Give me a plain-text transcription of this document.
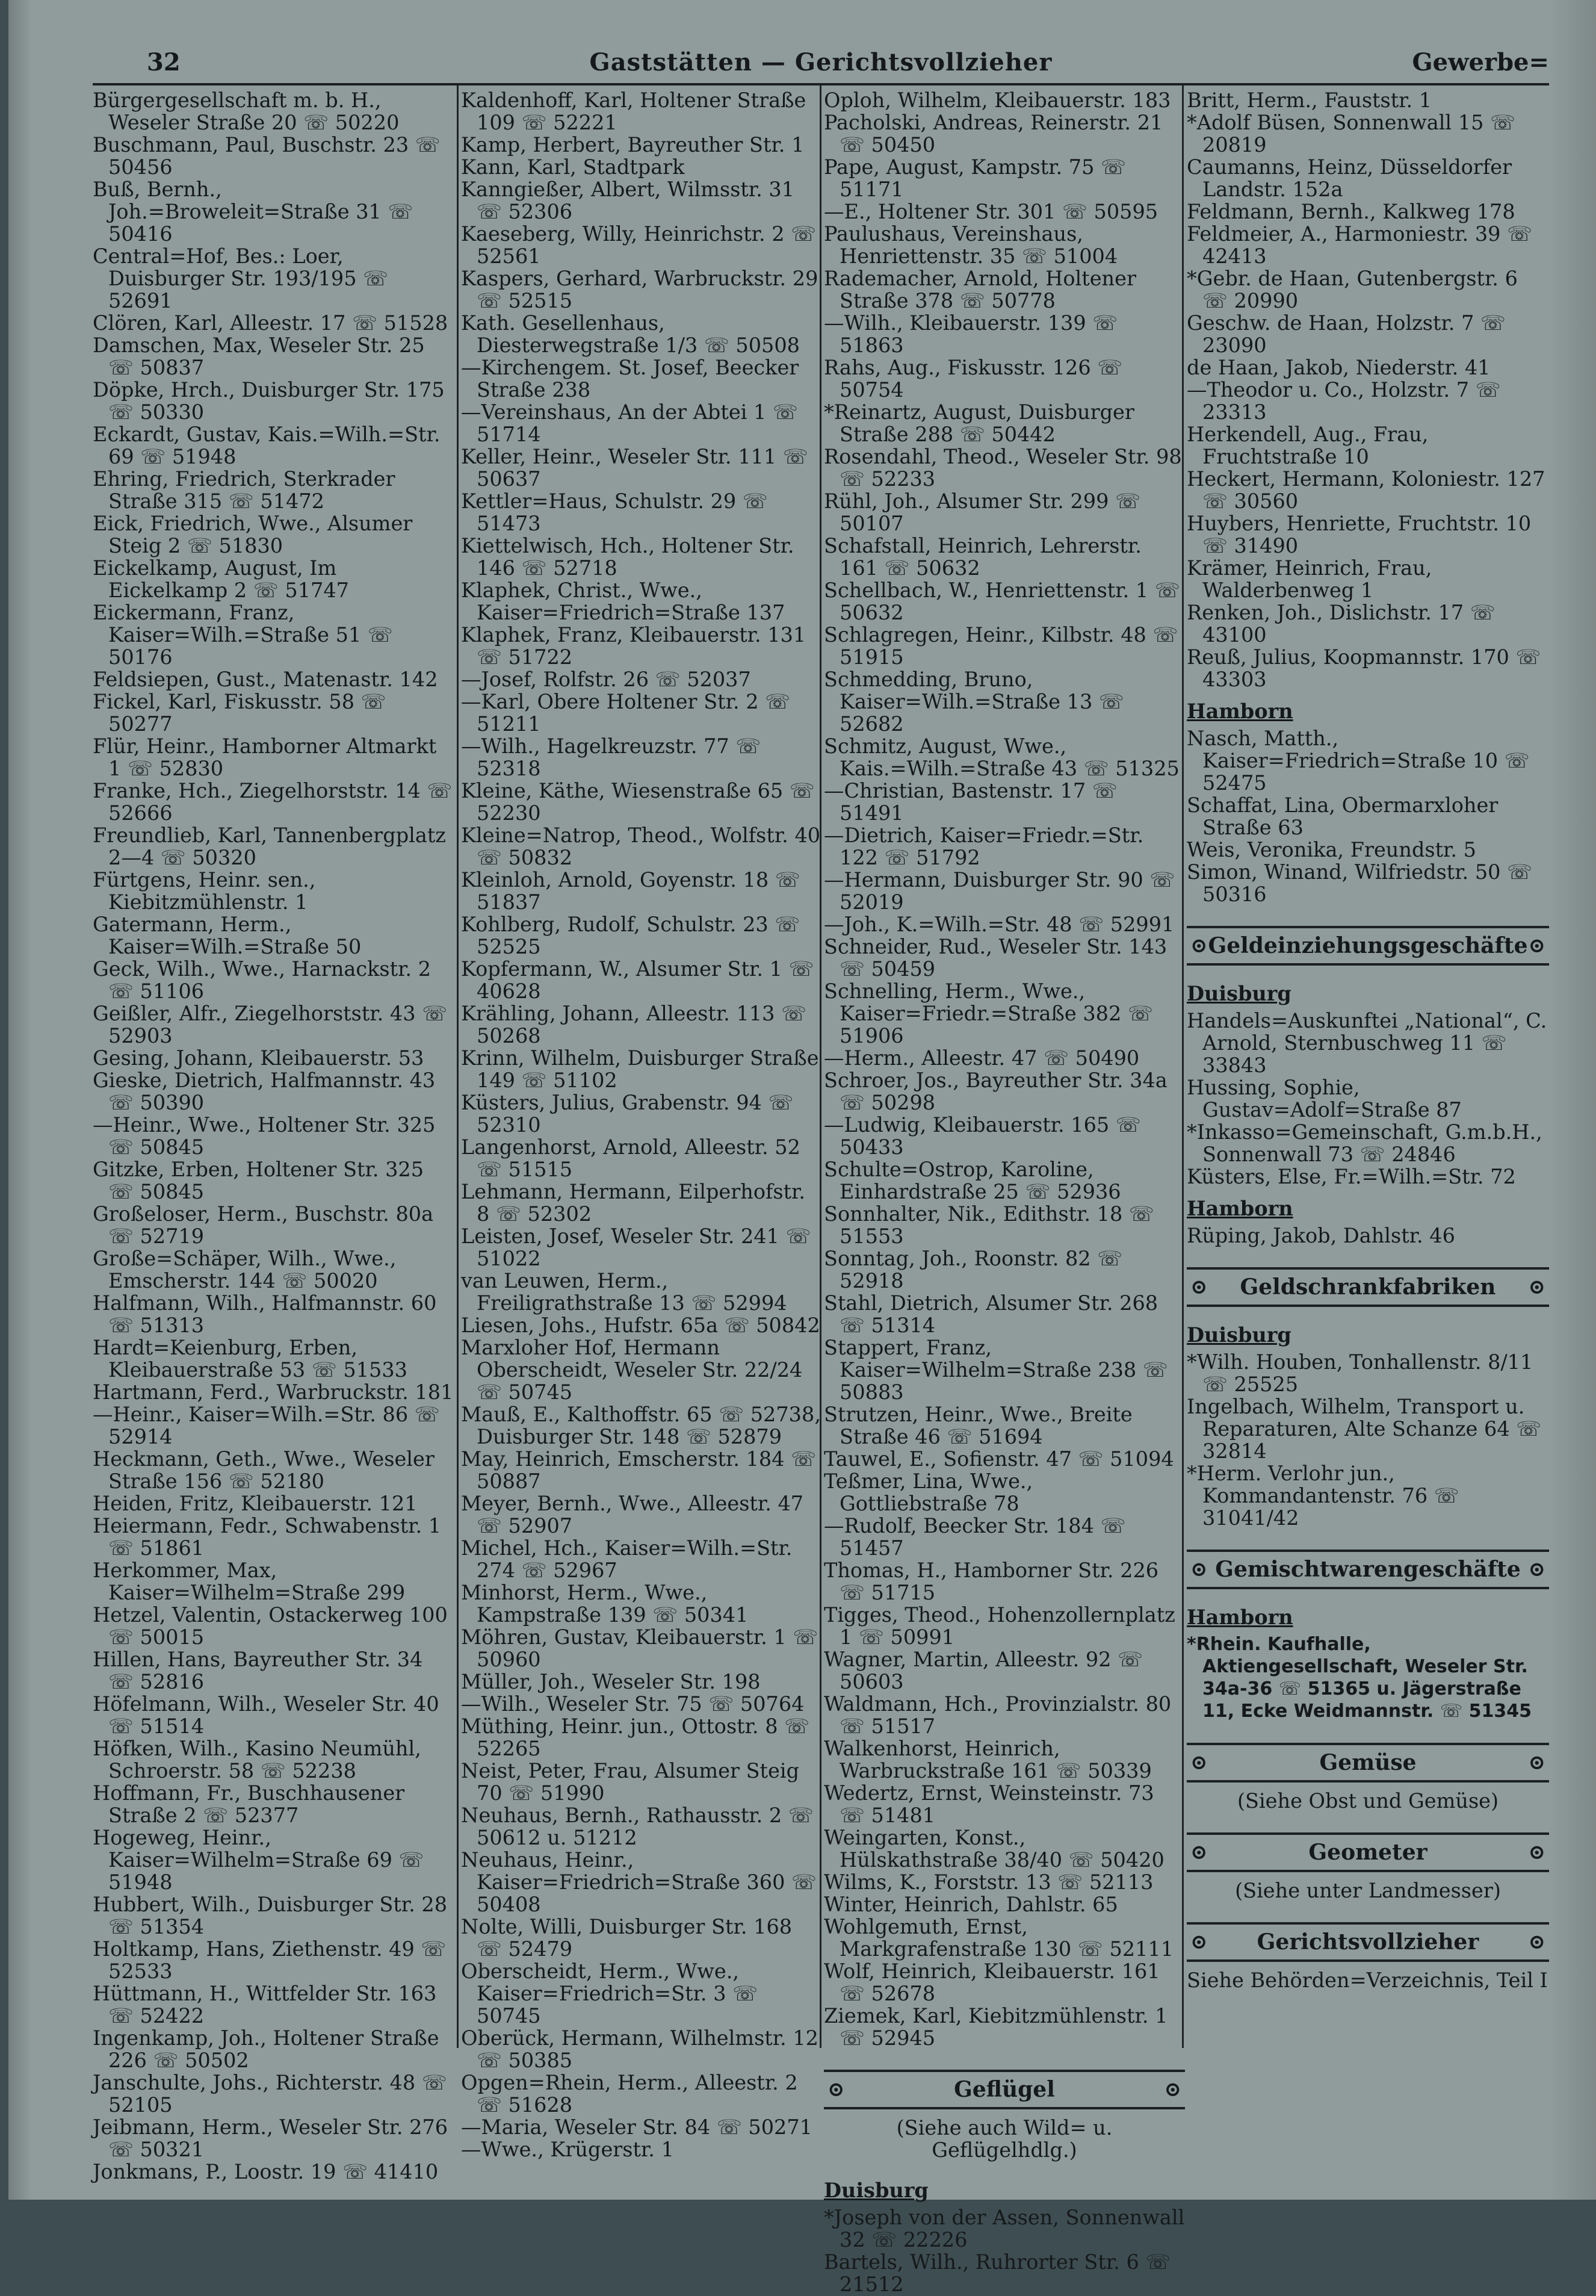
32	Gaststätten — Gerichtsvollzieher	Gewerbe=

Bürgergesellschaft m. b. H., Weseler Straße 20 ☏ 50220

Buschmann, Paul, Buschstr. 23 ☏ 50456

Buß, Bernh., Joh.=Broweleit=Straße 31 ☏ 50416

Central=Hof, Bes.: Loer, Duisburger Str. 193/195 ☏ 52691

Clören, Karl, Alleestr. 17 ☏ 51528

Damschen, Max, Weseler Str. 25 ☏ 50837

Döpke, Hrch., Duisburger Str. 175 ☏ 50330

Eckardt, Gustav, Kais.=Wilh.=Str. 69 ☏ 51948

Ehring, Friedrich, Sterkrader Straße 315 ☏ 51472

Eick, Friedrich, Wwe., Alsumer Steig 2 ☏ 51830

Eickelkamp, August, Im Eickelkamp 2 ☏ 51747

Eickermann, Franz, Kaiser=Wilh.=Straße 51 ☏ 50176

Feldsiepen, Gust., Matenastr. 142

Fickel, Karl, Fiskusstr. 58 ☏ 50277

Flür, Heinr., Hamborner Altmarkt 1 ☏ 52830

Franke, Hch., Ziegelhorststr. 14 ☏ 52666

Freundlieb, Karl, Tannenbergplatz 2—4 ☏ 50320

Fürtgens, Heinr. sen., Kiebitzmühlenstr. 1

Gatermann, Herm., Kaiser=Wilh.=Straße 50

Geck, Wilh., Wwe., Harnackstr. 2 ☏ 51106

Geißler, Alfr., Ziegelhorststr. 43 ☏ 52903

Gesing, Johann, Kleibauerstr. 53

Gieske, Dietrich, Halfmannstr. 43 ☏ 50390

—Heinr., Wwe., Holtener Str. 325 ☏ 50845

Gitzke, Erben, Holtener Str. 325 ☏ 50845

Großeloser, Herm., Buschstr. 80a ☏ 52719

Große=Schäper, Wilh., Wwe., Emscherstr. 144 ☏ 50020

Halfmann, Wilh., Halfmannstr. 60 ☏ 51313

Hardt=Keienburg, Erben, Kleibauerstraße 53 ☏ 51533

Hartmann, Ferd., Warbruckstr. 181

—Heinr., Kaiser=Wilh.=Str. 86 ☏ 52914

Heckmann, Geth., Wwe., Weseler Straße 156 ☏ 52180

Heiden, Fritz, Kleibauerstr. 121

Heiermann, Fedr., Schwabenstr. 1 ☏ 51861

Herkommer, Max, Kaiser=Wilhelm=Straße 299

Hetzel, Valentin, Ostackerweg 100 ☏ 50015

Hillen, Hans, Bayreuther Str. 34 ☏ 52816

Höfelmann, Wilh., Weseler Str. 40 ☏ 51514

Höfken, Wilh., Kasino Neumühl, Schroerstr. 58 ☏ 52238

Hoffmann, Fr., Buschhausener Straße 2 ☏ 52377

Hogeweg, Heinr., Kaiser=Wilhelm=Straße 69 ☏ 51948

Hubbert, Wilh., Duisburger Str. 28 ☏ 51354

Holtkamp, Hans, Ziethenstr. 49 ☏ 52533

Hüttmann, H., Wittfelder Str. 163 ☏ 52422

Ingenkamp, Joh., Holtener Straße 226 ☏ 50502

Janschulte, Johs., Richterstr. 48 ☏ 52105

Jeibmann, Herm., Weseler Str. 276 ☏ 50321

Jonkmans, P., Loostr. 19 ☏ 41410

Kaldenhoff, Karl, Holtener Straße 109 ☏ 52221

Kamp, Herbert, Bayreuther Str. 1

Kann, Karl, Stadtpark

Kanngießer, Albert, Wilmsstr. 31 ☏ 52306

Kaeseberg, Willy, Heinrichstr. 2 ☏ 52561

Kaspers, Gerhard, Warbruckstr. 29 ☏ 52515

Kath. Gesellenhaus, Diesterwegstraße 1/3 ☏ 50508

—Kirchengem. St. Josef, Beecker Straße 238

—Vereinshaus, An der Abtei 1 ☏ 51714

Keller, Heinr., Weseler Str. 111 ☏ 50637

Kettler=Haus, Schulstr. 29 ☏ 51473

Kiettelwisch, Hch., Holtener Str. 146 ☏ 52718

Klaphek, Christ., Wwe., Kaiser=Friedrich=Straße 137

Klaphek, Franz, Kleibauerstr. 131 ☏ 51722

—Josef, Rolfstr. 26 ☏ 52037

—Karl, Obere Holtener Str. 2 ☏ 51211

—Wilh., Hagelkreuzstr. 77 ☏ 52318

Kleine, Käthe, Wiesenstraße 65 ☏ 52230

Kleine=Natrop, Theod., Wolfstr. 40 ☏ 50832

Kleinloh, Arnold, Goyenstr. 18 ☏ 51837

Kohlberg, Rudolf, Schulstr. 23 ☏ 52525

Kopfermann, W., Alsumer Str. 1 ☏ 40628

Krähling, Johann, Alleestr. 113 ☏ 50268

Krinn, Wilhelm, Duisburger Straße 149 ☏ 51102

Küsters, Julius, Grabenstr. 94 ☏ 52310

Langenhorst, Arnold, Alleestr. 52 ☏ 51515

Lehmann, Hermann, Eilperhofstr. 8 ☏ 52302

Leisten, Josef, Weseler Str. 241 ☏ 51022

van Leuwen, Herm., Freiligrathstraße 13 ☏ 52994

Liesen, Johs., Hufstr. 65a ☏ 50842

Marxloher Hof, Hermann Oberscheidt, Weseler Str. 22/24 ☏ 50745

Mauß, E., Kalthoffstr. 65 ☏ 52738, Duisburger Str. 148 ☏ 52879

May, Heinrich, Emscherstr. 184 ☏ 50887

Meyer, Bernh., Wwe., Alleestr. 47 ☏ 52907

Michel, Hch., Kaiser=Wilh.=Str. 274 ☏ 52967

Minhorst, Herm., Wwe., Kampstraße 139 ☏ 50341

Möhren, Gustav, Kleibauerstr. 1 ☏ 50960

Müller, Joh., Weseler Str. 198

—Wilh., Weseler Str. 75 ☏ 50764

Müthing, Heinr. jun., Ottostr. 8 ☏ 52265

Neist, Peter, Frau, Alsumer Steig 70 ☏ 51990

Neuhaus, Bernh., Rathausstr. 2 ☏ 50612 u. 51212

Neuhaus, Heinr., Kaiser=Friedrich=Straße 360 ☏ 50408

Nolte, Willi, Duisburger Str. 168 ☏ 52479

Oberscheidt, Herm., Wwe., Kaiser=Friedrich=Str. 3 ☏ 50745

Oberück, Hermann, Wilhelmstr. 12 ☏ 50385

Opgen=Rhein, Herm., Alleestr. 2 ☏ 51628

—Maria, Weseler Str. 84 ☏ 50271

—Wwe., Krügerstr. 1

Oploh, Wilhelm, Kleibauerstr. 183

Pacholski, Andreas, Reinerstr. 21 ☏ 50450

Pape, August, Kampstr. 75 ☏ 51171

—E., Holtener Str. 301 ☏ 50595

Paulushaus, Vereinshaus, Henriettenstr. 35 ☏ 51004

Rademacher, Arnold, Holtener Straße 378 ☏ 50778

—Wilh., Kleibauerstr. 139 ☏ 51863

Rahs, Aug., Fiskusstr. 126 ☏ 50754

*Reinartz, August, Duisburger Straße 288 ☏ 50442

Rosendahl, Theod., Weseler Str. 98 ☏ 52233

Rühl, Joh., Alsumer Str. 299 ☏ 50107

Schafstall, Heinrich, Lehrerstr. 161 ☏ 50632

Schellbach, W., Henriettenstr. 1 ☏ 50632

Schlagregen, Heinr., Kilbstr. 48 ☏ 51915

Schmedding, Bruno, Kaiser=Wilh.=Straße 13 ☏ 52682

Schmitz, August, Wwe., Kais.=Wilh.=Straße 43 ☏ 51325

—Christian, Bastenstr. 17 ☏ 51491

—Dietrich, Kaiser=Friedr.=Str. 122 ☏ 51792

—Hermann, Duisburger Str. 90 ☏ 52019

—Joh., K.=Wilh.=Str. 48 ☏ 52991

Schneider, Rud., Weseler Str. 143 ☏ 50459

Schnelling, Herm., Wwe., Kaiser=Friedr.=Straße 382 ☏ 51906

—Herm., Alleestr. 47 ☏ 50490

Schroer, Jos., Bayreuther Str. 34a ☏ 50298

—Ludwig, Kleibauerstr. 165 ☏ 50433

Schulte=Ostrop, Karoline, Einhardstraße 25 ☏ 52936

Sonnhalter, Nik., Edithstr. 18 ☏ 51553

Sonntag, Joh., Roonstr. 82 ☏ 52918

Stahl, Dietrich, Alsumer Str. 268 ☏ 51314

Stappert, Franz, Kaiser=Wilhelm=Straße 238 ☏ 50883

Strutzen, Heinr., Wwe., Breite Straße 46 ☏ 51694

Tauwel, E., Sofienstr. 47 ☏ 51094

Teßmer, Lina, Wwe., Gottliebstraße 78

—Rudolf, Beecker Str. 184 ☏ 51457

Thomas, H., Hamborner Str. 226 ☏ 51715

Tigges, Theod., Hohenzollernplatz 1 ☏ 50991

Wagner, Martin, Alleestr. 92 ☏ 50603

Waldmann, Hch., Provinzialstr. 80 ☏ 51517

Walkenhorst, Heinrich, Warbruckstraße 161 ☏ 50339

Wedertz, Ernst, Weinsteinstr. 73 ☏ 51481

Weingarten, Konst., Hülskathstraße 38/40 ☏ 50420

Wilms, K., Forststr. 13 ☏ 52113

Winter, Heinrich, Dahlstr. 65

Wohlgemuth, Ernst, Markgrafenstraße 130 ☏ 52111

Wolf, Heinrich, Kleibauerstr. 161 ☏ 52678

Ziemek, Karl, Kiebitzmühlenstr. 1 ☏ 52945

⊙	Geflügel	⊙
(Siehe auch Wild= u. Geflügelhdlg.)
Duisburg

*Joseph von der Assen, Sonnenwall 32 ☏ 22226

Bartels, Wilh., Ruhrorter Str. 6 ☏ 21512

Britt, Herm., Fauststr. 1

*Adolf Büsen, Sonnenwall 15 ☏ 20819

Caumanns, Heinz, Düsseldorfer Landstr. 152a

Feldmann, Bernh., Kalkweg 178

Feldmeier, A., Harmoniestr. 39 ☏ 42413

*Gebr. de Haan, Gutenbergstr. 6 ☏ 20990

Geschw. de Haan, Holzstr. 7 ☏ 23090

de Haan, Jakob, Niederstr. 41

—Theodor u. Co., Holzstr. 7 ☏ 23313

Herkendell, Aug., Frau, Fruchtstraße 10

Heckert, Hermann, Koloniestr. 127 ☏ 30560

Huybers, Henriette, Fruchtstr. 10 ☏ 31490

Krämer, Heinrich, Frau, Walderbenweg 1

Renken, Joh., Dislichstr. 17 ☏ 43100

Reuß, Julius, Koopmannstr. 170 ☏ 43303

Hamborn

Nasch, Matth., Kaiser=Friedrich=Straße 10 ☏ 52475

Schaffat, Lina, Obermarxloher Straße 63

Weis, Veronika, Freundstr. 5

Simon, Winand, Wilfriedstr. 50 ☏ 50316

⊙ Geldeinziehungsgeschäfte ⊙
Duisburg

Handels=Auskunftei „National“, C. Arnold, Sternbuschweg 11 ☏ 33843

Hussing, Sophie, Gustav=Adolf=Straße 87

*Inkasso=Gemeinschaft, G.m.b.H., Sonnenwall 73 ☏ 24846

Küsters, Else, Fr.=Wilh.=Str. 72

Hamborn

Rüping, Jakob, Dahlstr. 46

⊙ Geldschrankfabriken ⊙
Duisburg

*Wilh. Houben, Tonhallenstr. 8/11 ☏ 25525

Ingelbach, Wilhelm, Transport u. Reparaturen, Alte Schanze 64 ☏ 32814

*Herm. Verlohr jun., Kommandantenstr. 76 ☏ 31041/42

⊙ Gemischtwarengeschäfte ⊙
Hamborn

*Rhein. Kaufhalle, Aktiengesellschaft, Weseler Str. 34a-36 ☏ 51365 u. Jägerstraße 11, Ecke Weidmannstr. ☏ 51345

⊙	Gemüse	⊙
(Siehe Obst und Gemüse)
⊙	Geometer	⊙
(Siehe unter Landmesser)
⊙ Gerichtsvollzieher ⊙

Siehe Behörden=Verzeichnis, Teil I
